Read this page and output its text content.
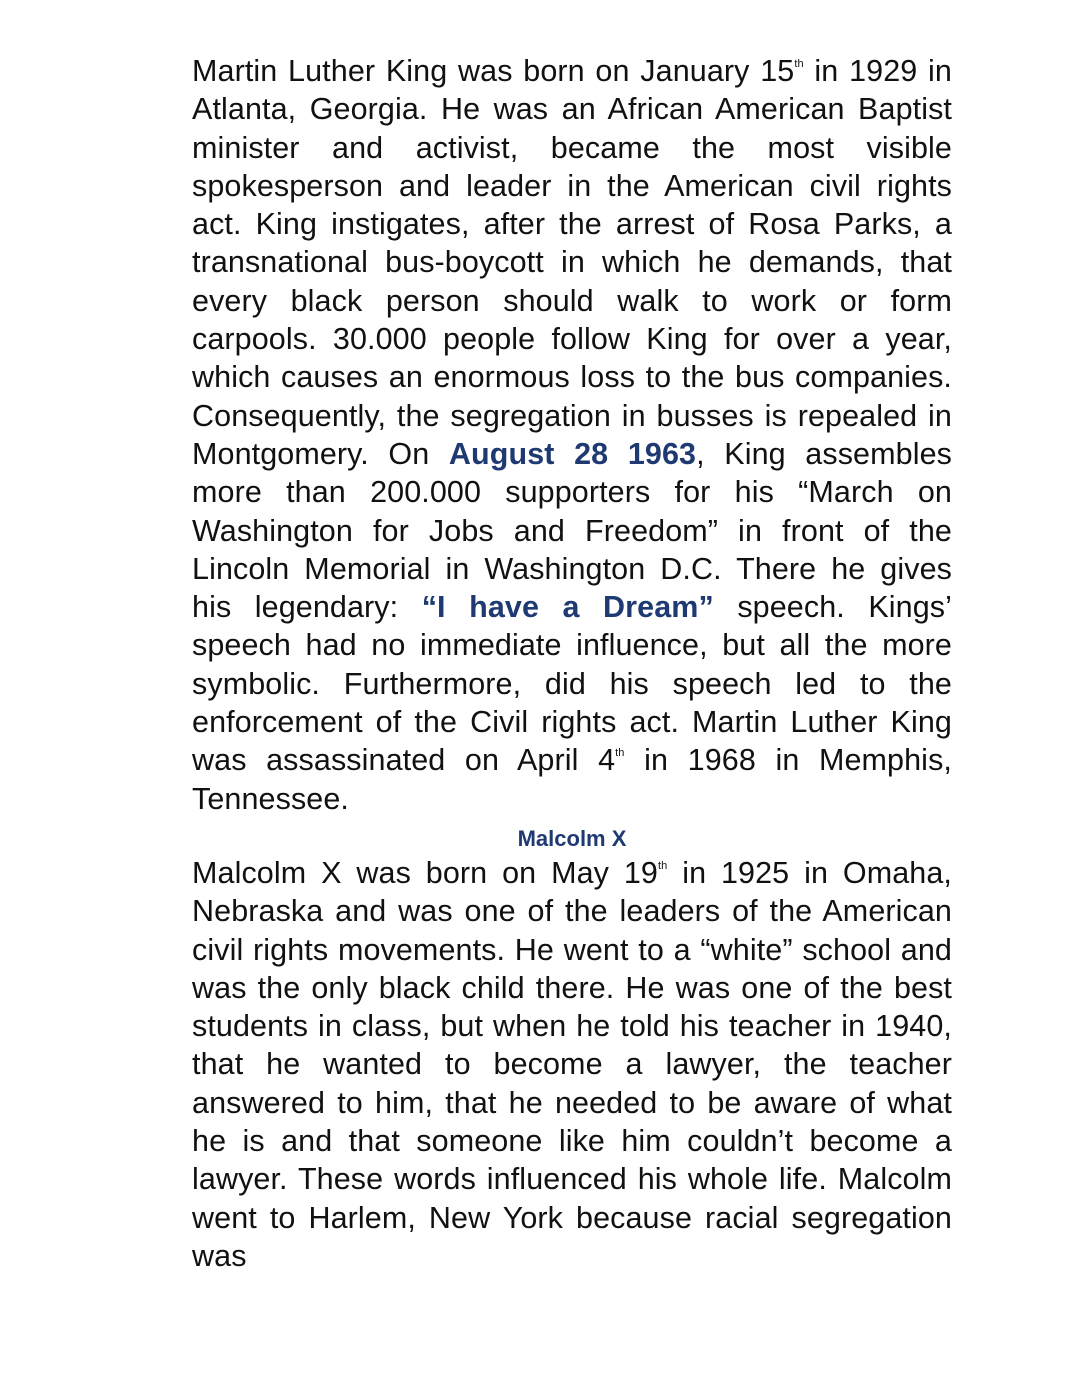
Martin Luther King was born on January 15th in 1929 in Atlanta, Georgia. He was an African American Baptist minister and activist, became the most visible spokesperson and leader in the American civil rights act. King instigates, after the arrest of Rosa Parks, a transnational bus-boycott in which he demands, that every black person should walk to work or form carpools. 30.000 people follow King for over a year, which causes an enormous loss to the bus companies. Consequently, the segregation in busses is repealed in Montgomery. On August 28 1963, King assembles more than 200.000 supporters for his “March on Washington for Jobs and Freedom” in front of the Lincoln Memorial in Washington D.C. There he gives his legendary: “I have a Dream” speech. Kings’ speech had no immediate influence, but all the more symbolic. Furthermore, did his speech led to the enforcement of the Civil rights act. Martin Luther King was assassinated on April 4th in 1968 in Memphis, Tennessee.

Malcolm X

Malcolm X was born on May 19th in 1925 in Omaha, Nebraska and was one of the leaders of the American civil rights movements. He went to a “white” school and was the only black child there. He was one of the best students in class, but when he told his teacher in 1940, that he wanted to become a lawyer, the teacher answered to him, that he needed to be aware of what he is and that someone like him couldn’t become a lawyer. These words influenced his whole life. Malcolm went to Harlem, New York because racial segregation was
